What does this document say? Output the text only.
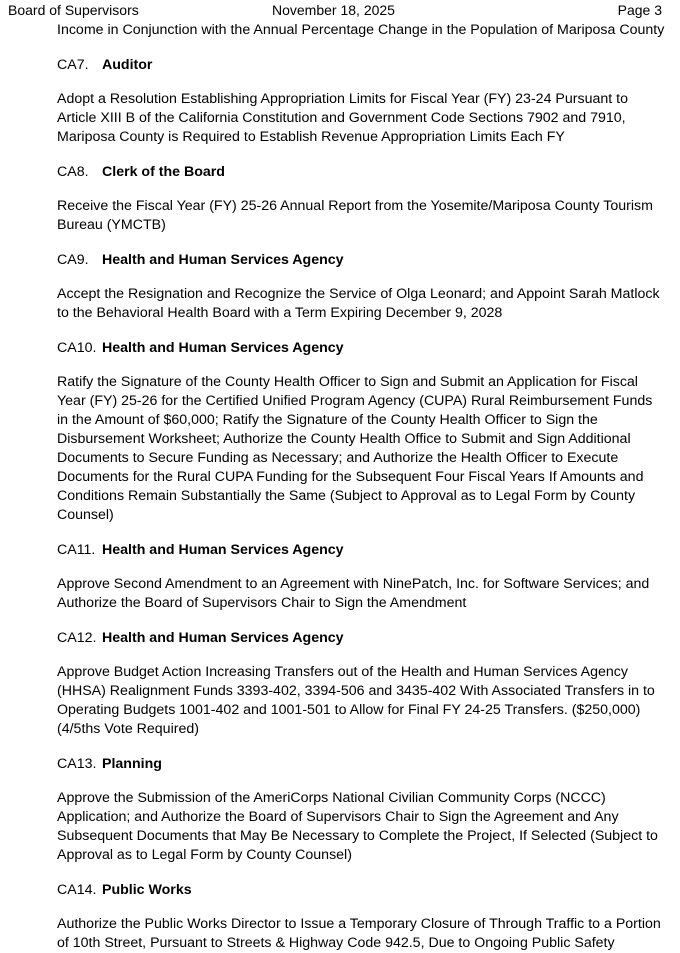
Board of Supervisors	November 18, 2025	Page 3

Income in Conjunction with the Annual Percentage Change in the Population of Mariposa County

CA7. Auditor

Adopt a Resolution Establishing Appropriation Limits for Fiscal Year (FY) 23-24 Pursuant to Article XIII B of the California Constitution and Government Code Sections 7902 and 7910, Mariposa County is Required to Establish Revenue Appropriation Limits Each FY

CA8. Clerk of the Board

Receive the Fiscal Year (FY) 25-26 Annual Report from the Yosemite/Mariposa County Tourism Bureau (YMCTB)

CA9. Health and Human Services Agency

Accept the Resignation and Recognize the Service of Olga Leonard; and Appoint Sarah Matlock to the Behavioral Health Board with a Term Expiring December 9, 2028

CA10. Health and Human Services Agency

Ratify the Signature of the County Health Officer to Sign and Submit an Application for Fiscal Year (FY) 25-26 for the Certified Unified Program Agency (CUPA) Rural Reimbursement Funds in the Amount of $60,000; Ratify the Signature of the County Health Officer to Sign the Disbursement Worksheet; Authorize the County Health Office to Submit and Sign Additional Documents to Secure Funding as Necessary; and Authorize the Health Officer to Execute Documents for the Rural CUPA Funding for the Subsequent Four Fiscal Years If Amounts and Conditions Remain Substantially the Same (Subject to Approval as to Legal Form by County Counsel)

CA11. Health and Human Services Agency

Approve Second Amendment to an Agreement with NinePatch, Inc. for Software Services; and Authorize the Board of Supervisors Chair to Sign the Amendment

CA12. Health and Human Services Agency

Approve Budget Action Increasing Transfers out of the Health and Human Services Agency (HHSA) Realignment Funds 3393-402, 3394-506 and 3435-402 With Associated Transfers in to Operating Budgets 1001-402 and 1001-501 to Allow for Final FY 24-25 Transfers. ($250,000) (4/5ths Vote Required)

CA13. Planning

Approve the Submission of the AmeriCorps National Civilian Community Corps (NCCC) Application; and Authorize the Board of Supervisors Chair to Sign the Agreement and Any Subsequent Documents that May Be Necessary to Complete the Project, If Selected (Subject to Approval as to Legal Form by County Counsel)

CA14. Public Works

Authorize the Public Works Director to Issue a Temporary Closure of Through Traffic to a Portion of 10th Street, Pursuant to Streets & Highway Code 942.5, Due to Ongoing Public Safety
